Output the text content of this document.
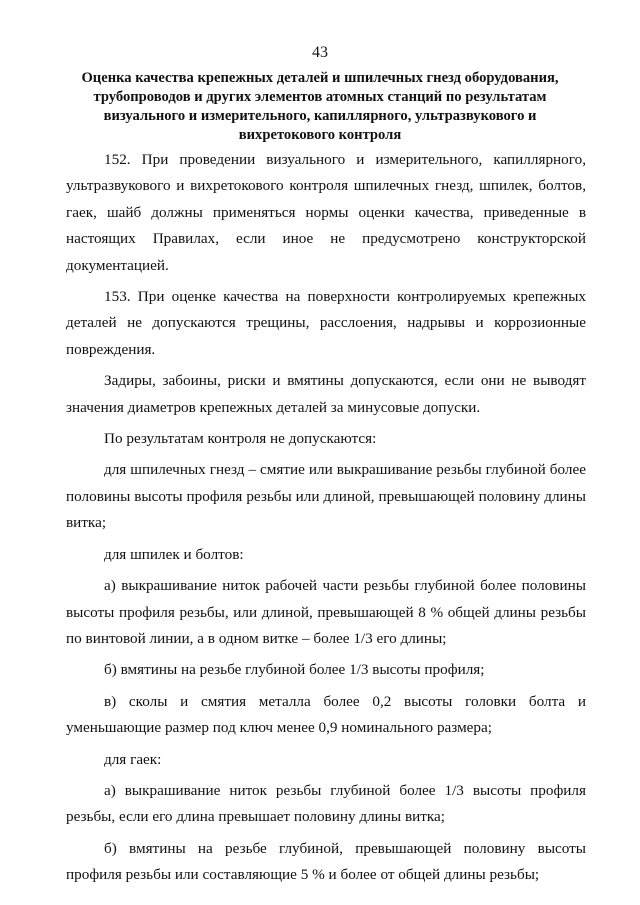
43
Оценка качества крепежных деталей и шпилечных гнезд оборудования,
трубопроводов и других элементов атомных станций по результатам
визуального и измерительного, капиллярного, ультразвукового и
вихретокового контроля
152. При проведении визуального и измерительного, капиллярного,
ультразвукового и вихретокового контроля шпилечных гнезд, шпилек, болтов,
гаек, шайб должны применяться нормы оценки качества, приведенные в
настоящих Правилах, если иное не предусмотрено конструкторской
документацией.
153. При оценке качества на поверхности контролируемых крепежных
деталей не допускаются трещины, расслоения, надрывы и коррозионные
повреждения.
Задиры, забоины, риски и вмятины допускаются, если они не выводят
значения диаметров крепежных деталей за минусовые допуски.
По результатам контроля не допускаются:
для шпилечных гнезд – смятие или выкрашивание резьбы глубиной более
половины высоты профиля резьбы или длиной, превышающей половину длины
витка;
для шпилек и болтов:
а) выкрашивание ниток рабочей части резьбы глубиной более половины
высоты профиля резьбы, или длиной, превышающей 8 % общей длины резьбы
по винтовой линии, а в одном витке – более 1/3 его длины;
б) вмятины на резьбе глубиной более 1/3 высоты профиля;
в) сколы и смятия металла более 0,2 высоты головки болта и
уменьшающие размер под ключ менее 0,9 номинального размера;
для гаек:
а) выкрашивание ниток резьбы глубиной более 1/3 высоты профиля
резьбы, если его длина превышает половину длины витка;
б) вмятины на резьбе глубиной, превышающей половину высоты
профиля резьбы или составляющие 5 % и более от общей длины резьбы;
